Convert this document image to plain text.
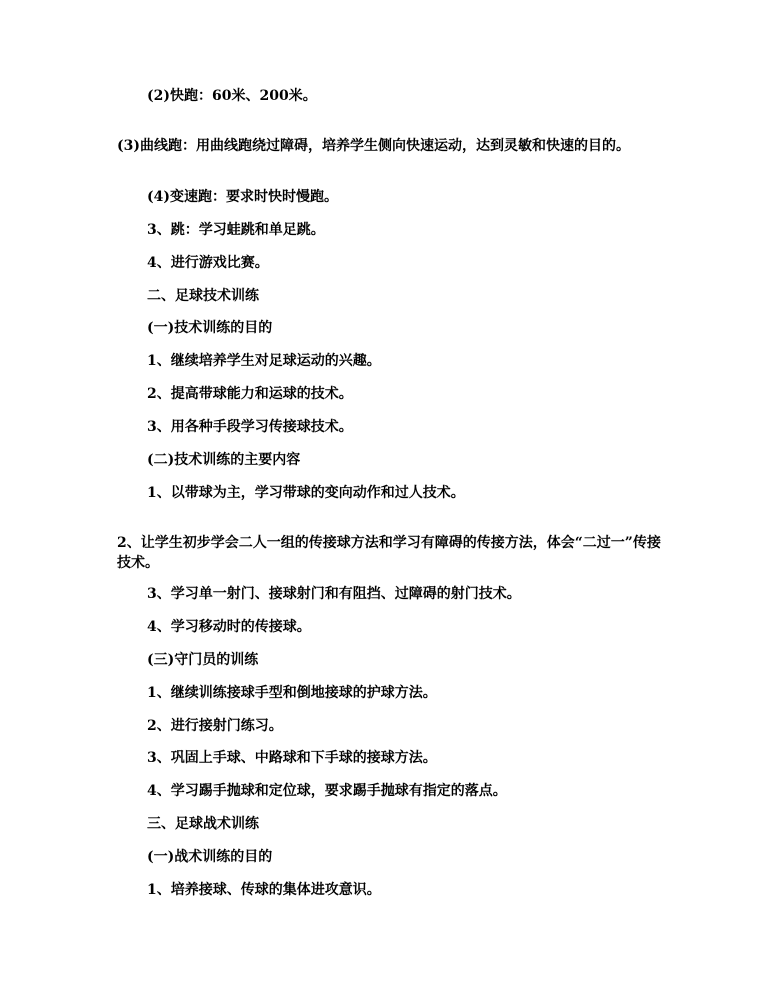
(2)快跑：60米、200米。
(3)曲线跑：用曲线跑绕过障碍，培养学生侧向快速运动，达到灵敏和快速的目的。
(4)变速跑：要求时快时慢跑。
3、跳：学习蛙跳和单足跳。
4、进行游戏比赛。
二、足球技术训练
(一)技术训练的目的
1、继续培养学生对足球运动的兴趣。
2、提高带球能力和运球的技术。
3、用各种手段学习传接球技术。
(二)技术训练的主要内容
1、以带球为主，学习带球的变向动作和过人技术。
2、让学生初步学会二人一组的传接球方法和学习有障碍的传接方法，体会“二过一”传接技术。
3、学习单一射门、接球射门和有阻挡、过障碍的射门技术。
4、学习移动时的传接球。
(三)守门员的训练
1、继续训练接球手型和倒地接球的护球方法。
2、进行接射门练习。
3、巩固上手球、中路球和下手球的接球方法。
4、学习踢手抛球和定位球，要求踢手抛球有指定的落点。
三、足球战术训练
(一)战术训练的目的
1、培养接球、传球的集体进攻意识。
